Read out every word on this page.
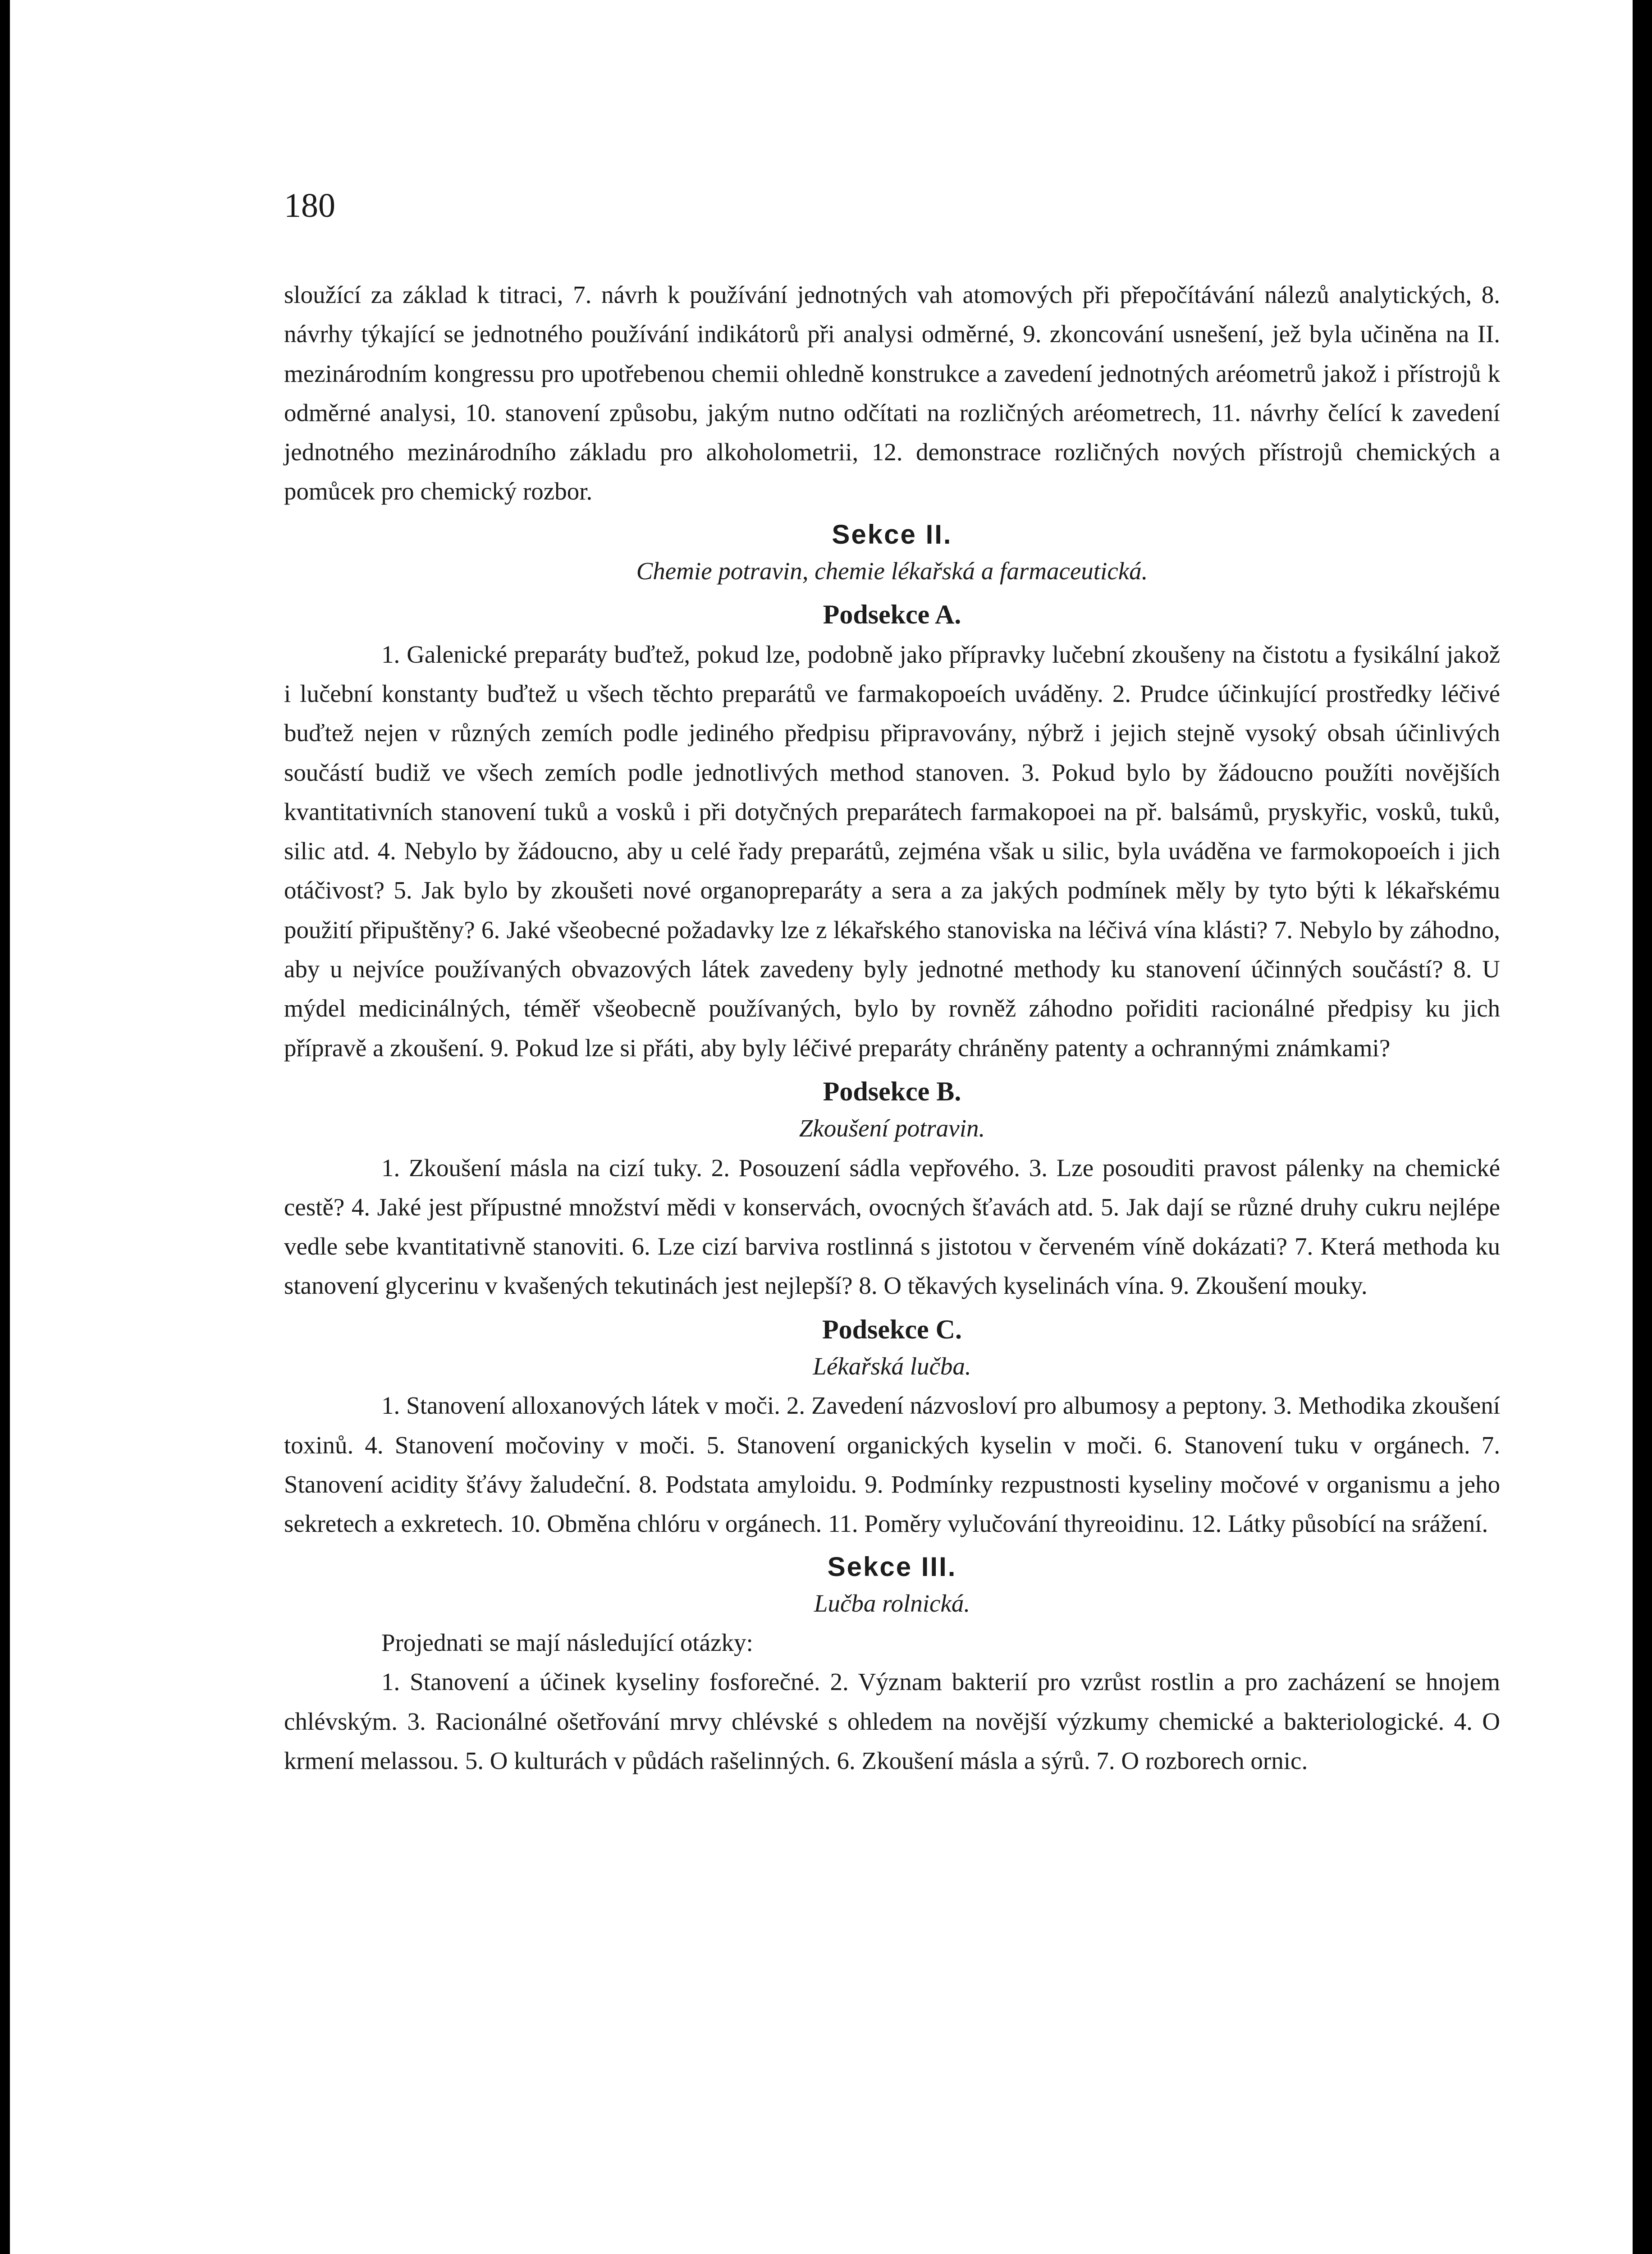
180

sloužící za základ k titraci, 7. návrh k používání jednotných vah atomových při přepočítávání nálezů analytických, 8. návrhy týkající se jednotného používání indikátorů při analysi odměrné, 9. zkoncování usnešení, jež byla učiněna na II. mezinárodním kongressu pro upotřebenou chemii ohledně konstrukce a zavedení jednotných aréometrů jakož i přístrojů k odměrné analysi, 10. stanovení způsobu, jakým nutno odčítati na rozličných aréometrech, 11. návrhy čelící k zavedení jednotného mezinárodního základu pro alkoholometrii, 12. demonstrace rozličných nových přístrojů chemických a pomůcek pro chemický rozbor.

Sekce II.
Chemie potravin, chemie lékařská a farmaceutická.
Podsekce A.

1. Galenické preparáty buďtež, pokud lze, podobně jako přípravky lučební zkoušeny na čistotu a fysikální jakož i lučební konstanty buďtež u všech těchto preparátů ve farmakopoeích uváděny. 2. Prudce účinkující prostředky léčivé buďtež nejen v různých zemích podle jediného předpisu připravovány, nýbrž i jejich stejně vysoký obsah účinlivých součástí budiž ve všech zemích podle jednotlivých method stanoven. 3. Pokud bylo by žádoucno použíti novějších kvantitativních stanovení tuků a vosků i při dotyčných preparátech farmakopoei na př. balsámů, pryskyřic, vosků, tuků, silic atd. 4. Nebylo by žádoucno, aby u celé řady preparátů, zejména však u silic, byla uváděna ve farmokopoeích i jich otáčivost? 5. Jak bylo by zkoušeti nové organopreparáty a sera a za jakých podmínek měly by tyto býti k lékařskému použití připuštěny? 6. Jaké všeobecné požadavky lze z lékařského stanoviska na léčivá vína klásti? 7. Nebylo by záhodno, aby u nejvíce používaných obvazových látek zavedeny byly jednotné methody ku stanovení účinných součástí? 8. U mýdel medicinálných, téměř všeobecně používaných, bylo by rovněž záhodno pořiditi racionálné předpisy ku jich přípravě a zkoušení. 9. Pokud lze si přáti, aby byly léčivé preparáty chráněny patenty a ochrannými známkami?

Podsekce B.
Zkoušení potravin.

1. Zkoušení másla na cizí tuky. 2. Posouzení sádla vepřového. 3. Lze posouditi pravost pálenky na chemické cestě? 4. Jaké jest přípustné množství mědi v konservách, ovocných šťavách atd. 5. Jak dají se různé druhy cukru nejlépe vedle sebe kvantitativně stanoviti. 6. Lze cizí barviva rostlinná s jistotou v červeném víně dokázati? 7. Která methoda ku stanovení glycerinu v kvašených tekutinách jest nejlepší? 8. O těkavých kyselinách vína. 9. Zkoušení mouky.

Podsekce C.
Lékařská lučba.

1. Stanovení alloxanových látek v moči. 2. Zavedení názvosloví pro albumosy a peptony. 3. Methodika zkoušení toxinů. 4. Stanovení močoviny v moči. 5. Stanovení organických kyselin v moči. 6. Stanovení tuku v orgánech. 7. Stanovení acidity šťávy žaludeční. 8. Podstata amyloidu. 9. Podmínky rezpustnosti kyseliny močové v organismu a jeho sekretech a exkretech. 10. Obměna chlóru v orgánech. 11. Poměry vylučování thyreoidinu. 12. Látky působící na srážení.

Sekce III.
Lučba rolnická.

Projednati se mají následující otázky:

1. Stanovení a účinek kyseliny fosforečné. 2. Význam bakterií pro vzrůst rostlin a pro zacházení se hnojem chlévským. 3. Racionálné ošetřování mrvy chlévské s ohledem na novější výzkumy chemické a bakteriologické. 4. O krmení melassou. 5. O kulturách v půdách rašelinných. 6. Zkoušení másla a sýrů. 7. O rozborech ornic.
